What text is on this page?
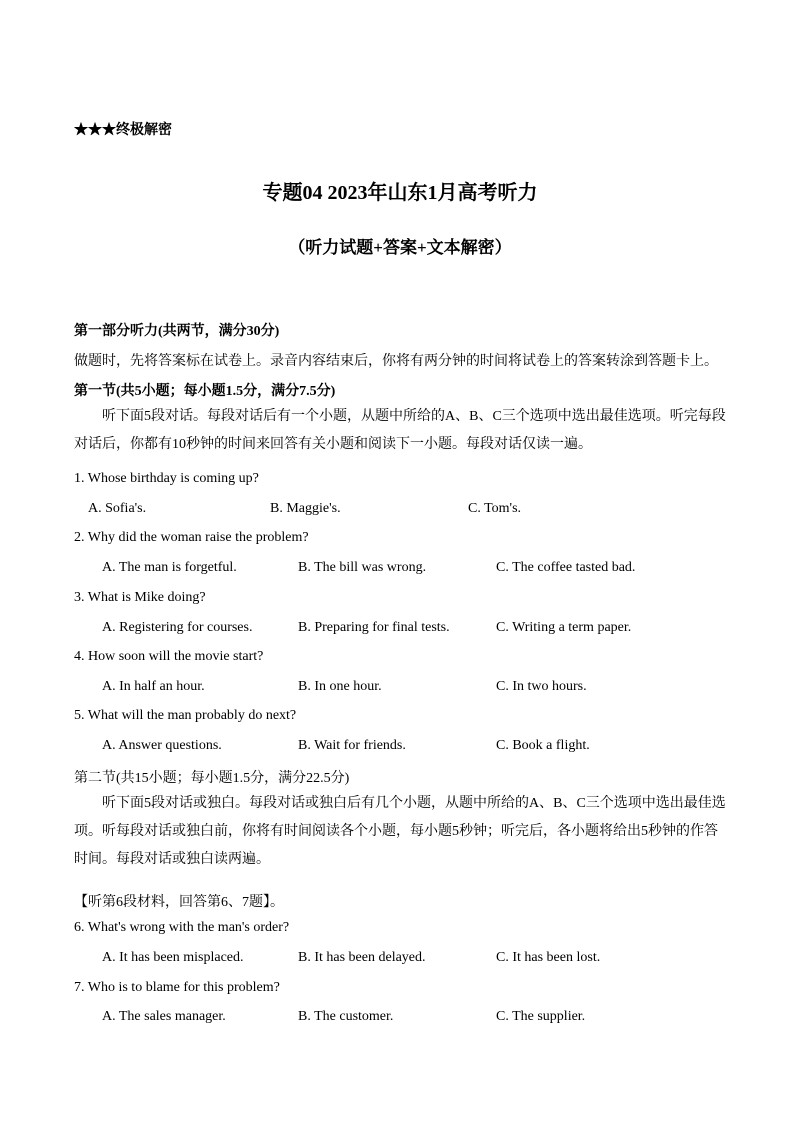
★★★终极解密
专题04 2023年山东1月高考听力
（听力试题+答案+文本解密）
第一部分听力(共两节，满分30分)
做题时，先将答案标在试卷上。录音内容结束后，你将有两分钟的时间将试卷上的答案转涂到答题卡上。
第一节(共5小题；每小题1.5分，满分7.5分)
听下面5段对话。每段对话后有一个小题，从题中所给的A、B、C三个选项中选出最佳选项。听完每段对话后，你都有10秒钟的时间来回答有关小题和阅读下一小题。每段对话仅读一遍。
1. Whose birthday is coming up?
A. Sofia's.	B. Maggie's.	C. Tom's.
2. Why did the woman raise the problem?
A. The man is forgetful.	B. The bill was wrong.	C. The coffee tasted bad.
3. What is Mike doing?
A. Registering for courses.	B. Preparing for final tests.	C. Writing a term paper.
4. How soon will the movie start?
A. In half an hour.	B. In one hour.	C. In two hours.
5. What will the man probably do next?
A. Answer questions.	B. Wait for friends.	C. Book a flight.
第二节(共15小题；每小题1.5分，满分22.5分)
听下面5段对话或独白。每段对话或独白后有几个小题，从题中所给的A、B、C三个选项中选出最佳选项。听每段对话或独白前，你将有时间阅读各个小题，每小题5秒钟；听完后，各小题将给出5秒钟的作答时间。每段对话或独白读两遍。
【听第6段材料，回答第6、7题】。
6. What's wrong with the man's order?
A. It has been misplaced.	B. It has been delayed.	C. It has been lost.
7. Who is to blame for this problem?
A. The sales manager.	B. The customer.	C. The supplier.
